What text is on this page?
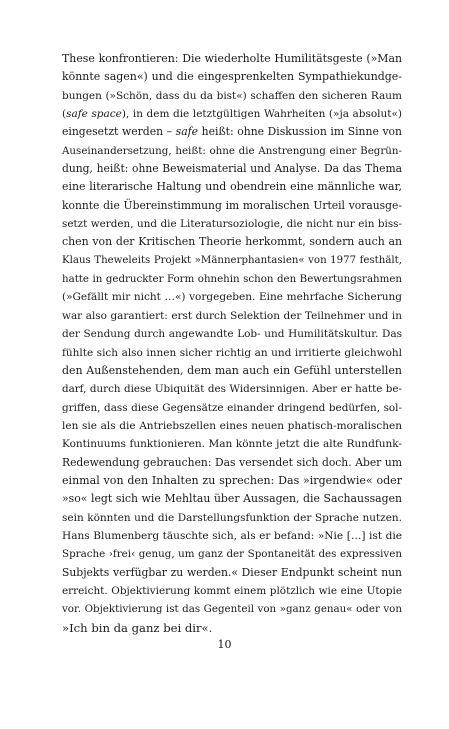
These konfrontieren: Die wiederholte Humilitätsgeste (»Man
könnte sagen«) und die eingesprenkelten Sympathiekundge-
bungen (»Schön, dass du da bist«) schaffen den sicheren Raum
(safe space), in dem die letztgültigen Wahrheiten (»ja absolut«)
eingesetzt werden – safe heißt: ohne Diskussion im Sinne von
Auseinandersetzung, heißt: ohne die Anstrengung einer Begrün-
dung, heißt: ohne Beweismaterial und Analyse. Da das Thema
eine literarische Haltung und obendrein eine männliche war,
konnte die Übereinstimmung im moralischen Urteil vorausge-
setzt werden, und die Literatursoziologie, die nicht nur ein biss-
chen von der Kritischen Theorie herkommt, sondern auch an
Klaus Theweleits Projekt »Männerphantasien« von 1977 festhält,
hatte in gedruckter Form ohnehin schon den Bewertungsrahmen
(»Gefällt mir nicht …«) vorgegeben. Eine mehrfache Sicherung
war also garantiert: erst durch Selektion der Teilnehmer und in
der Sendung durch angewandte Lob- und Humilitätskultur. Das
fühlte sich also innen sicher richtig an und irritierte gleichwohl
den Außenstehenden, dem man auch ein Gefühl unterstellen
darf, durch diese Ubiquität des Widersinnigen. Aber er hatte be-
griffen, dass diese Gegensätze einander dringend bedürfen, sol-
len sie als die Antriebszellen eines neuen phatisch-moralischen
Kontinuums funktionieren. Man könnte jetzt die alte Rundfunk-
Redewendung gebrauchen: Das versendet sich doch. Aber um
einmal von den Inhalten zu sprechen: Das »irgendwie« oder
»so« legt sich wie Mehltau über Aussagen, die Sachaussagen
sein könnten und die Darstellungsfunktion der Sprache nutzen.
Hans Blumenberg täuschte sich, als er befand: »Nie […] ist die
Sprache ›frei‹ genug, um ganz der Spontaneität des expressiven
Subjekts verfügbar zu werden.« Dieser Endpunkt scheint nun
erreicht. Objektivierung kommt einem plötzlich wie eine Utopie
vor. Objektivierung ist das Gegenteil von »ganz genau« oder von
»Ich bin da ganz bei dir«.
10
